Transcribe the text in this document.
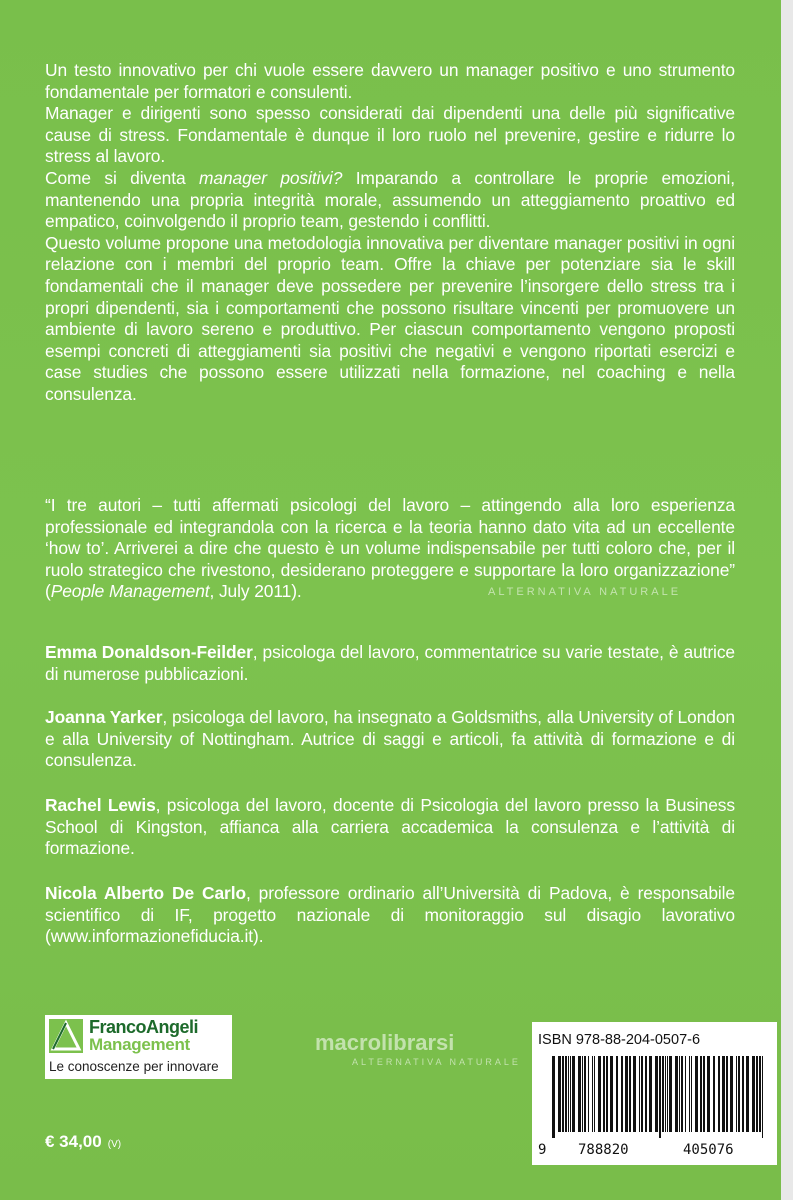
Un testo innovativo per chi vuole essere davvero un manager positivo e uno strumento fondamentale per formatori e consulenti.

Manager e dirigenti sono spesso considerati dai dipendenti una delle più significative cause di stress. Fondamentale è dunque il loro ruolo nel prevenire, gestire e ridurre lo stress al lavoro.

Come si diventa manager positivi? Imparando a controllare le proprie emozioni, mantenendo una propria integrità morale, assumendo un atteggiamento proattivo ed empatico, coinvolgendo il proprio team, gestendo i conflitti.

Questo volume propone una metodologia innovativa per diventare manager positivi in ogni relazione con i membri del proprio team. Offre la chiave per potenziare sia le skill fondamentali che il manager deve possedere per prevenire l’insorgere dello stress tra i propri dipendenti, sia i comportamenti che possono risultare vincenti per promuovere un ambiente di lavoro sereno e produttivo. Per ciascun comportamento vengono proposti esempi concreti di atteggiamenti sia positivi che negativi e vengono riportati esercizi e case studies che possono essere utilizzati nella formazione, nel coaching e nella consulenza.

“I tre autori – tutti affermati psicologi del lavoro – attingendo alla loro esperienza professionale ed integrandola con la ricerca e la teoria hanno dato vita ad un eccellente ‘how to’. Arriverei a dire che questo è un volume indispensabile per tutti coloro che, per il ruolo strategico che rivestono, desiderano proteggere e supportare la loro organizzazione” (People Management, July 2011).	ALTERNATIVA NATURALE

Emma Donaldson-Feilder, psicologa del lavoro, commentatrice su varie testate, è autrice di numerose pubblicazioni.

Joanna Yarker, psicologa del lavoro, ha insegnato a Goldsmiths, alla University of London e alla University of Nottingham. Autrice di saggi e articoli, fa attività di formazione e di consulenza.

Rachel Lewis, psicologa del lavoro, docente di Psicologia del lavoro presso la Business School di Kingston, affianca alla carriera accademica la consulenza e l’attività di formazione.

Nicola Alberto De Carlo, professore ordinario all’Università di Padova, è responsabile scientifico di IF, progetto nazionale di monitoraggio sul disagio lavorativo (www.informazionefiducia.it).

FrancoAngeli
Management
Le conoscenze per innovare
macrolibrarsi
ALTERNATIVA NATURALE
ISBN 978-88-204-0507-6
9 788820	405076
€ 34,00 (V)
